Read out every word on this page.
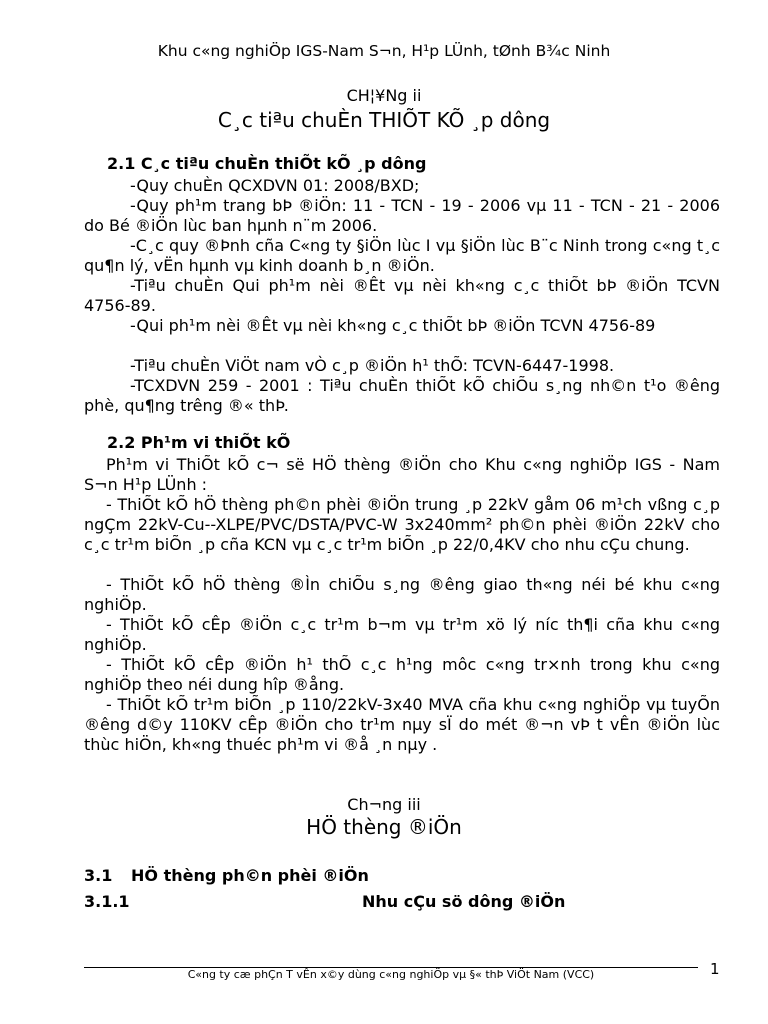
Khu c«ng nghiÖp IGS-Nam S¬n, H¹p LÜnh, tØnh B¾c Ninh
CH¦¥Ng ii
C¸c tiªu chuÈn THIÕT KÕ ¸p dông
2.1 C¸c tiªu chuÈn thiÕt kÕ ¸p dông
-Quy chuÈn QCXDVN 01: 2008/BXD;
-Quy ph¹m trang bÞ ®iÖn: 11 - TCN - 19 - 2006 vµ 11 - TCN - 21 - 2006 do Bé ®iÖn lùc ban hµnh n¨m 2006.
-C¸c quy ®Þnh cña C«ng ty §iÖn lùc I vµ §iÖn lùc B¨c Ninh trong c«ng t¸c qu¶n lý, vËn hµnh vµ kinh doanh b¸n ®iÖn.
-Tiªu chuÈn Qui ph¹m nèi ®Êt vµ nèi kh«ng c¸c thiÕt bÞ ®iÖn TCVN 4756-89.
-Qui ph¹m nèi ®Êt vµ nèi kh«ng c¸c thiÕt bÞ ®iÖn TCVN 4756-89
-Tiªu chuÈn ViÖt nam vÒ c¸p ®iÖn h¹ thÕ: TCVN-6447-1998.
-TCXDVN 259 - 2001 : Tiªu chuÈn thiÕt kÕ chiÕu s¸ng nh©n t¹o ®êng phè, qu¶ng trêng ®« thÞ.
2.2 Ph¹m vi thiÕt kÕ
Ph¹m vi ThiÕt kÕ c¬ së HÖ thèng ®iÖn cho Khu c«ng nghiÖp IGS - Nam S¬n H¹p LÜnh :
- ThiÕt kÕ hÖ thèng ph©n phèi ®iÖn trung ¸p 22kV gåm 06 m¹ch vßng c¸p ngÇm 22kV-Cu--XLPE/PVC/DSTA/PVC-W 3x240mm² ph©n phèi ®iÖn 22kV cho c¸c tr¹m biÕn ¸p cña KCN vµ c¸c tr¹m biÕn ¸p 22/0,4KV cho nhu cÇu chung.
- ThiÕt kÕ hÖ thèng ®Ìn chiÕu s¸ng ®êng giao th«ng néi bé khu c«ng nghiÖp.
- ThiÕt kÕ cÊp ®iÖn c¸c tr¹m b¬m vµ tr¹m xö lý níc th¶i cña khu c«ng nghiÖp.
- ThiÕt kÕ cÊp ®iÖn h¹ thÕ c¸c h¹ng môc c«ng tr×nh trong khu c«ng nghiÖp theo néi dung hîp ®ång.
- ThiÕt kÕ tr¹m biÕn ¸p 110/22kV-3x40 MVA cña khu c«ng nghiÖp vµ tuyÕn ®êng d©y 110KV cÊp ®iÖn cho tr¹m nµy sÏ do mét ®¬n vÞ t vÊn ®iÖn lùc thùc hiÖn, kh«ng thuéc ph¹m vi ®å ¸n nµy .
Ch¬ng iii
HÖ thèng ®iÖn
3.1 HÖ thèng ph©n phèi ®iÖn
3.1.1	Nhu cÇu sö dông ®iÖn
C«ng ty cæ phÇn T vÊn x©y dùng c«ng nghiÖp vµ §« thÞ ViÖt Nam (VCC)	1
